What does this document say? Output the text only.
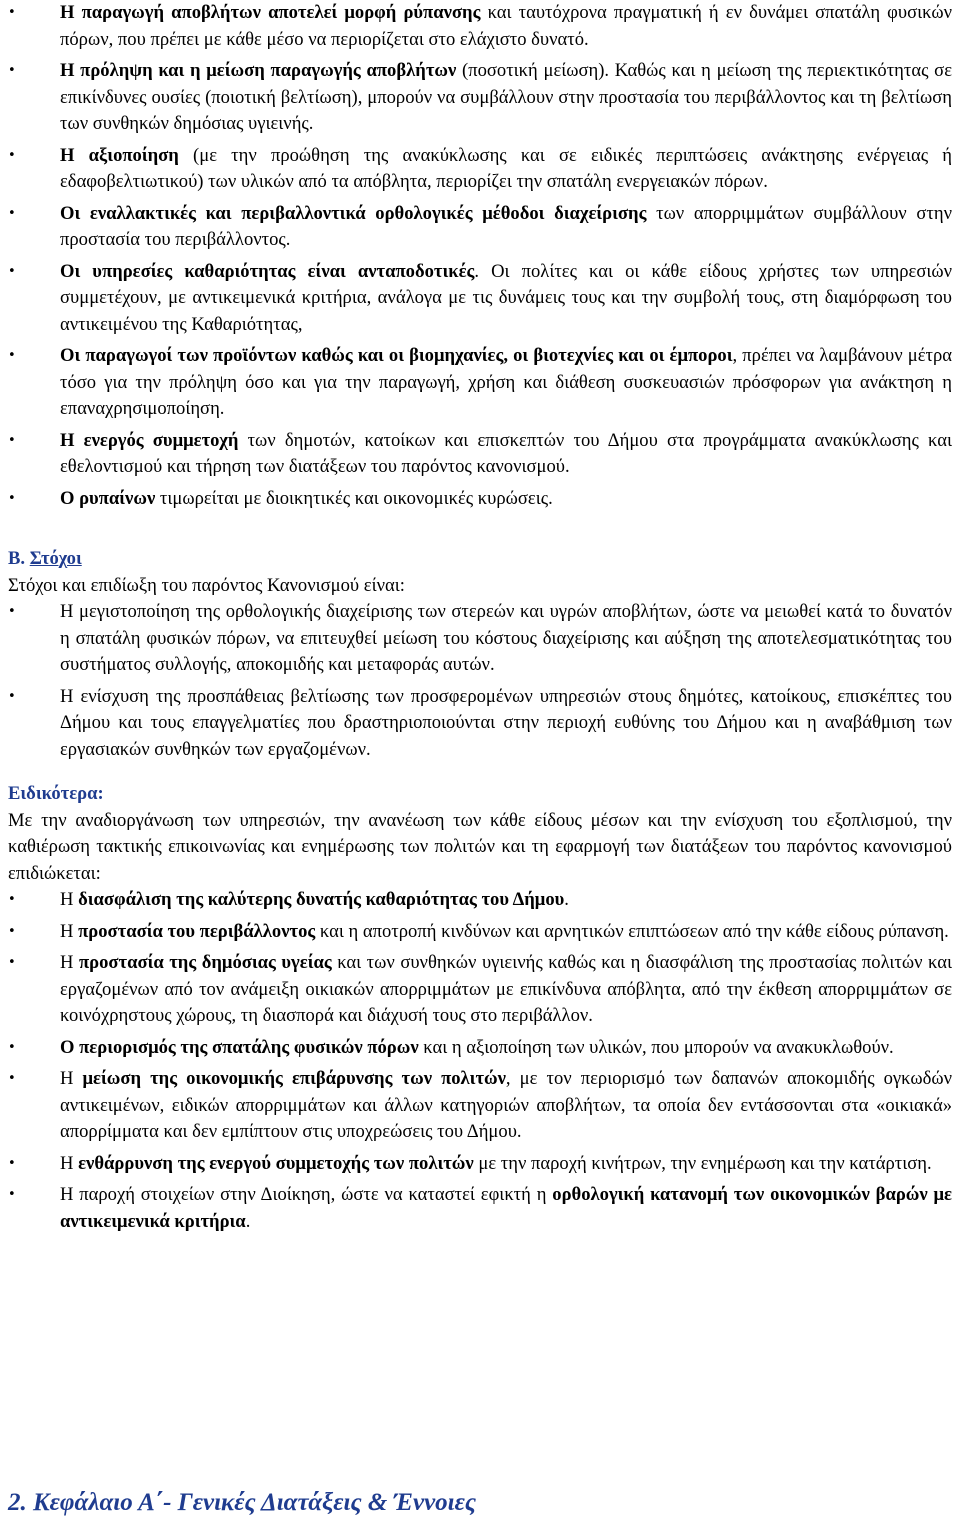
•	Η παραγωγή αποβλήτων αποτελεί μορφή ρύπανσης και ταυτόχρονα πραγματική ή εν δυνάμει σπατάλη φυσικών πόρων, που πρέπει με κάθε μέσο να περιορίζεται στο ελάχιστο δυνατό.
•	Η πρόληψη και η μείωση παραγωγής αποβλήτων (ποσοτική μείωση). Καθώς και η μείωση της περιεκτικότητας σε επικίνδυνες ουσίες (ποιοτική βελτίωση), μπορούν να συμβάλλουν στην προστασία του περιβάλλοντος και τη βελτίωση των συνθηκών δημόσιας υγιεινής.
•	Η αξιοποίηση (με την προώθηση της ανακύκλωσης και σε ειδικές περιπτώσεις ανάκτησης ενέργειας ή εδαφοβελτιωτικού) των υλικών από τα απόβλητα, περιορίζει την σπατάλη ενεργειακών πόρων.
•	Οι εναλλακτικές και περιβαλλοντικά ορθολογικές μέθοδοι διαχείρισης των απορριμμάτων συμβάλλουν στην προστασία του περιβάλλοντος.
•	Οι υπηρεσίες καθαριότητας είναι ανταποδοτικές. Οι πολίτες και οι κάθε είδους χρήστες των υπηρεσιών συμμετέχουν, με αντικειμενικά κριτήρια, ανάλογα με τις δυνάμεις τους και την συμβολή τους, στη διαμόρφωση του αντικειμένου της Καθαριότητας,
•	Οι παραγωγοί των προϊόντων καθώς και οι βιομηχανίες, οι βιοτεχνίες και οι έμποροι, πρέπει να λαμβάνουν μέτρα τόσο για την πρόληψη όσο και για την παραγωγή, χρήση και διάθεση συσκευασιών πρόσφορων για ανάκτηση η επαναχρησιμοποίηση.
•	Η ενεργός συμμετοχή των δημοτών, κατοίκων και επισκεπτών του Δήμου στα προγράμματα ανακύκλωσης και εθελοντισμού και τήρηση των διατάξεων του παρόντος κανονισμού.
•	Ο ρυπαίνων τιμωρείται με διοικητικές και οικονομικές κυρώσεις.
Β. Στόχοι

Στόχοι και επιδίωξη του παρόντος Κανονισμού είναι:

•	Η μεγιστοποίηση της ορθολογικής διαχείρισης των στερεών και υγρών αποβλήτων, ώστε να μειωθεί κατά το δυνατόν η σπατάλη φυσικών πόρων, να επιτευχθεί μείωση του κόστους διαχείρισης και αύξηση της αποτελεσματικότητας του συστήματος συλλογής, αποκομιδής και μεταφοράς αυτών.
•	Η ενίσχυση της προσπάθειας βελτίωσης των προσφερομένων υπηρεσιών στους δημότες, κατοίκους, επισκέπτες του Δήμου και τους επαγγελματίες που δραστηριοποιούνται στην περιοχή ευθύνης του Δήμου και η αναβάθμιση των εργασιακών συνθηκών των εργαζομένων.
Ειδικότερα:

Με την αναδιοργάνωση των υπηρεσιών, την ανανέωση των κάθε είδους μέσων και την ενίσχυση του εξοπλισμού, την καθιέρωση τακτικής επικοινωνίας και ενημέρωσης των πολιτών και τη εφαρμογή των διατάξεων του παρόντος κανονισμού επιδιώκεται:

•	Η διασφάλιση της καλύτερης δυνατής καθαριότητας του Δήμου.
•	Η προστασία του περιβάλλοντος και η αποτροπή κινδύνων και αρνητικών επιπτώσεων από την κάθε είδους ρύπανση.
•	Η προστασία της δημόσιας υγείας και των συνθηκών υγιεινής καθώς και η διασφάλιση της προστασίας πολιτών και εργαζομένων από τον ανάμειξη οικιακών απορριμμάτων με επικίνδυνα απόβλητα, από την έκθεση απορριμμάτων σε κοινόχρηστους χώρους, τη διασπορά και διάχυσή τους στο περιβάλλον.
•	Ο περιορισμός της σπατάλης φυσικών πόρων και η αξιοποίηση των υλικών, που μπορούν να ανακυκλωθούν.
•	Η μείωση της οικονομικής επιβάρυνσης των πολιτών, με τον περιορισμό των δαπανών αποκομιδής ογκωδών αντικειμένων, ειδικών απορριμμάτων και άλλων κατηγοριών αποβλήτων, τα οποία δεν εντάσσονται στα «οικιακά» απορρίμματα και δεν εμπίπτουν στις υποχρεώσεις του Δήμου.
•	Η ενθάρρυνση της ενεργού συμμετοχής των πολιτών με την παροχή κινήτρων, την ενημέρωση και την κατάρτιση.
•	Η παροχή στοιχείων στην Διοίκηση, ώστε να καταστεί εφικτή η ορθολογική κατανομή των οικονομικών βαρών με αντικειμενικά κριτήρια.
2. Κεφάλαιο Α΄- Γενικές Διατάξεις & Έννοιες
